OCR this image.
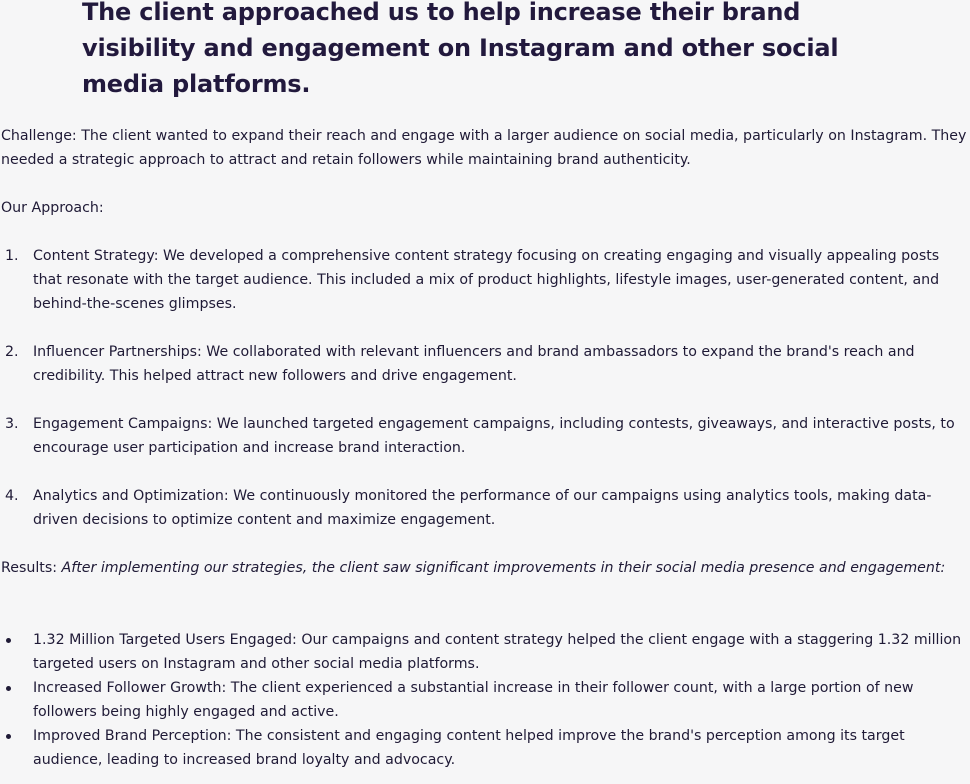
The client approached us to help increase their brand visibility and engagement on Instagram and other social media platforms.

Challenge: The client wanted to expand their reach and engage with a larger audience on social media, particularly on Instagram. They needed a strategic approach to attract and retain followers while maintaining brand authenticity.

Our Approach:

1. Content Strategy: We developed a comprehensive content strategy focusing on creating engaging and visually appealing posts that resonate with the target audience. This included a mix of product highlights, lifestyle images, user-generated content, and behind-the-scenes glimpses.
2. Influencer Partnerships: We collaborated with relevant influencers and brand ambassadors to expand the brand's reach and credibility. This helped attract new followers and drive engagement.
3. Engagement Campaigns: We launched targeted engagement campaigns, including contests, giveaways, and interactive posts, to encourage user participation and increase brand interaction.
4. Analytics and Optimization: We continuously monitored the performance of our campaigns using analytics tools, making data-driven decisions to optimize content and maximize engagement.

Results: After implementing our strategies, the client saw significant improvements in their social media presence and engagement:

1.32 Million Targeted Users Engaged: Our campaigns and content strategy helped the client engage with a staggering 1.32 million targeted users on Instagram and other social media platforms.
Increased Follower Growth: The client experienced a substantial increase in their follower count, with a large portion of new followers being highly engaged and active.
Improved Brand Perception: The consistent and engaging content helped improve the brand's perception among its target audience, leading to increased brand loyalty and advocacy.
